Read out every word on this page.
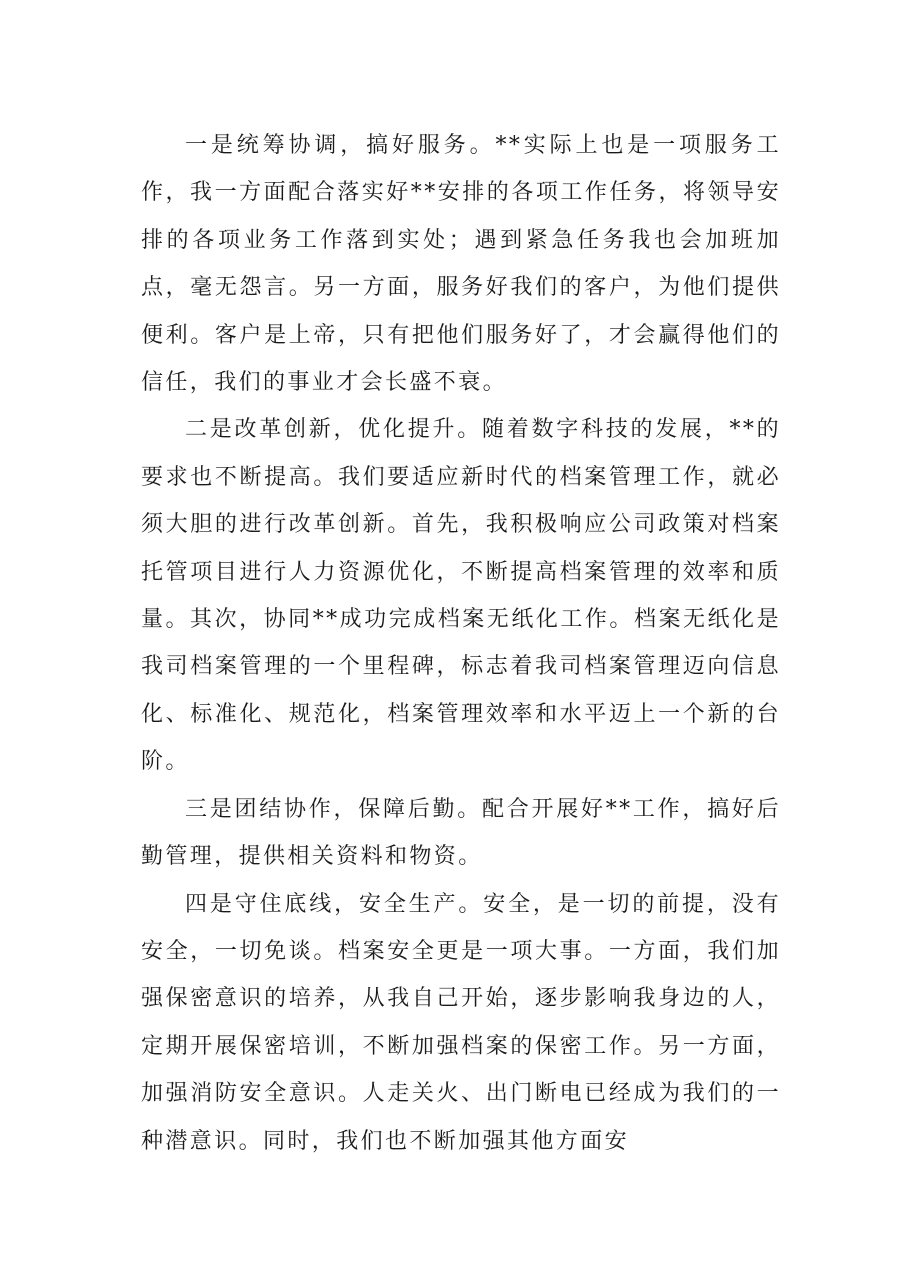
一是统筹协调，搞好服务。**实际上也是一项服务工作，我一方面配合落实好**安排的各项工作任务，将领导安排的各项业务工作落到实处；遇到紧急任务我也会加班加点，毫无怨言。另一方面，服务好我们的客户，为他们提供便利。客户是上帝，只有把他们服务好了，才会赢得他们的信任，我们的事业才会长盛不衰。

二是改革创新，优化提升。随着数字科技的发展，**的要求也不断提高。我们要适应新时代的档案管理工作，就必须大胆的进行改革创新。首先，我积极响应公司政策对档案托管项目进行人力资源优化，不断提高档案管理的效率和质量。其次，协同**成功完成档案无纸化工作。档案无纸化是我司档案管理的一个里程碑，标志着我司档案管理迈向信息化、标准化、规范化，档案管理效率和水平迈上一个新的台阶。

三是团结协作，保障后勤。配合开展好**工作，搞好后勤管理，提供相关资料和物资。

四是守住底线，安全生产。安全，是一切的前提，没有安全，一切免谈。档案安全更是一项大事。一方面，我们加强保密意识的培养，从我自己开始，逐步影响我身边的人，定期开展保密培训，不断加强档案的保密工作。另一方面，加强消防安全意识。人走关火、出门断电已经成为我们的一种潜意识。同时，我们也不断加强其他方面安
